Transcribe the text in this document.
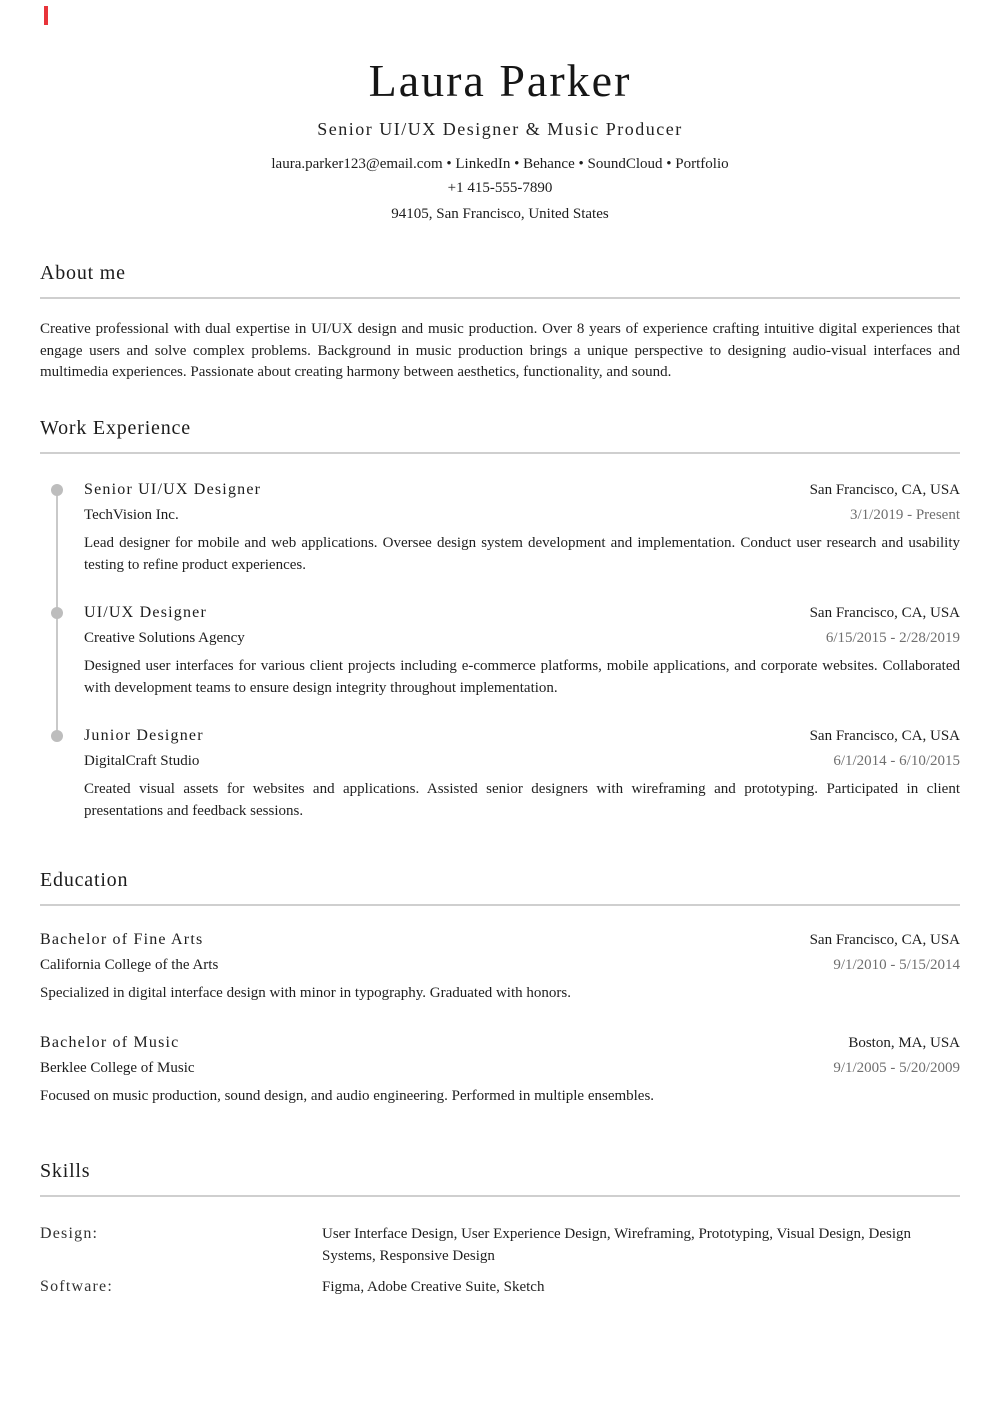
Laura Parker
Senior UI/UX Designer & Music Producer
laura.parker123@email.com • LinkedIn • Behance • SoundCloud • Portfolio
+1 415-555-7890
94105, San Francisco, United States
About me

Creative professional with dual expertise in UI/UX design and music production. Over 8 years of experience crafting intuitive digital experiences that engage users and solve complex problems. Background in music production brings a unique perspective to designing audio-visual interfaces and multimedia experiences. Passionate about creating harmony between aesthetics, functionality, and sound.

Work Experience
Senior UI/UX Designer	San Francisco, CA, USA
TechVision Inc.	3/1/2019 - Present

Lead designer for mobile and web applications. Oversee design system development and implementation. Conduct user research and usability testing to refine product experiences.

UI/UX Designer	San Francisco, CA, USA
Creative Solutions Agency	6/15/2015 - 2/28/2019

Designed user interfaces for various client projects including e-commerce platforms, mobile applications, and corporate websites. Collaborated with development teams to ensure design integrity throughout implementation.

Junior Designer	San Francisco, CA, USA
DigitalCraft Studio	6/1/2014 - 6/10/2015

Created visual assets for websites and applications. Assisted senior designers with wireframing and prototyping. Participated in client presentations and feedback sessions.

Education
Bachelor of Fine Arts	San Francisco, CA, USA
California College of the Arts	9/1/2010 - 5/15/2014

Specialized in digital interface design with minor in typography. Graduated with honors.

Bachelor of Music	Boston, MA, USA
Berklee College of Music	9/1/2005 - 5/20/2009

Focused on music production, sound design, and audio engineering. Performed in multiple ensembles.

Skills
Design:	User Interface Design, User Experience Design, Wireframing, Prototyping, Visual Design, Design Systems, Responsive Design
Software:	Figma, Adobe Creative Suite, Sketch
